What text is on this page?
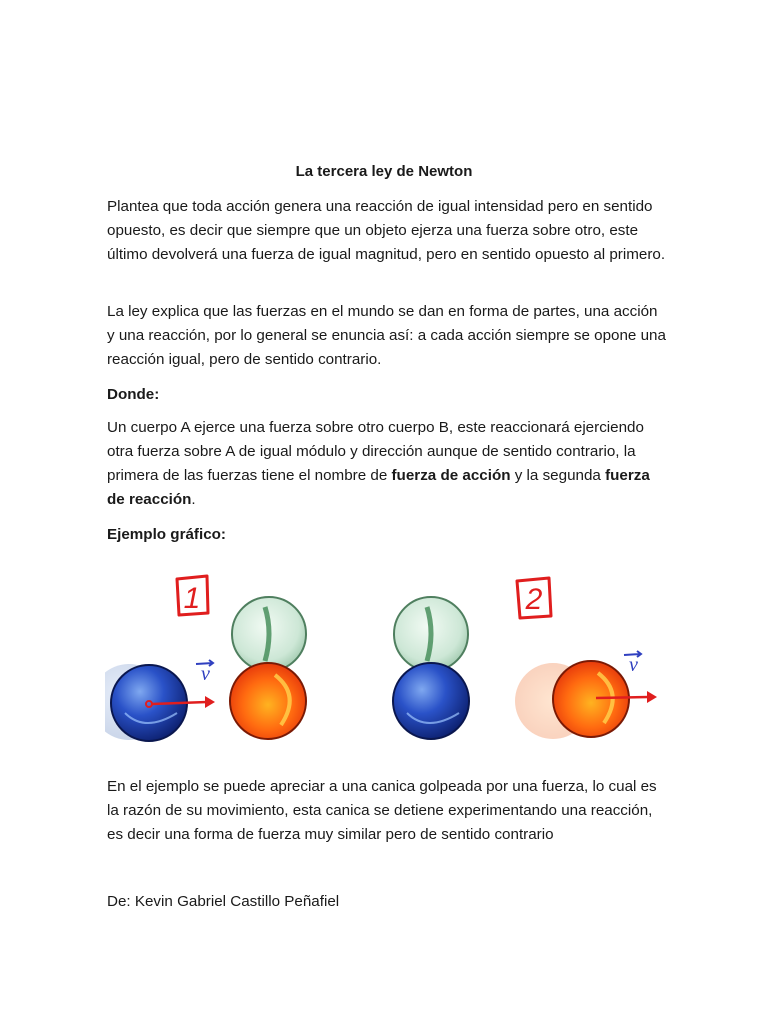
La tercera ley de Newton

Plantea que toda acción genera una reacción de igual intensidad pero en sentido opuesto, es decir que siempre que un objeto ejerza una fuerza sobre otro, este último devolverá una fuerza de igual magnitud, pero en sentido opuesto al primero.

La ley explica que las fuerzas en el mundo se dan en forma de partes, una acción y una reacción, por lo general se enuncia así: a cada acción siempre se opone una reacción igual, pero de sentido contrario.

Donde:

Un cuerpo A ejerce una fuerza sobre otro cuerpo B, este reaccionará ejerciendo otra fuerza sobre A de igual módulo y dirección aunque de sentido contrario, la primera de las fuerzas tiene el nombre de fuerza de acción y la segunda fuerza de reacción.

Ejemplo gráfico:

1
v
2
v

En el ejemplo se puede apreciar a una canica golpeada por una fuerza, lo cual es la razón de su movimiento, esta canica se detiene experimentando una reacción, es decir una forma de fuerza muy similar pero de sentido contrario

De: Kevin Gabriel Castillo Peñafiel
